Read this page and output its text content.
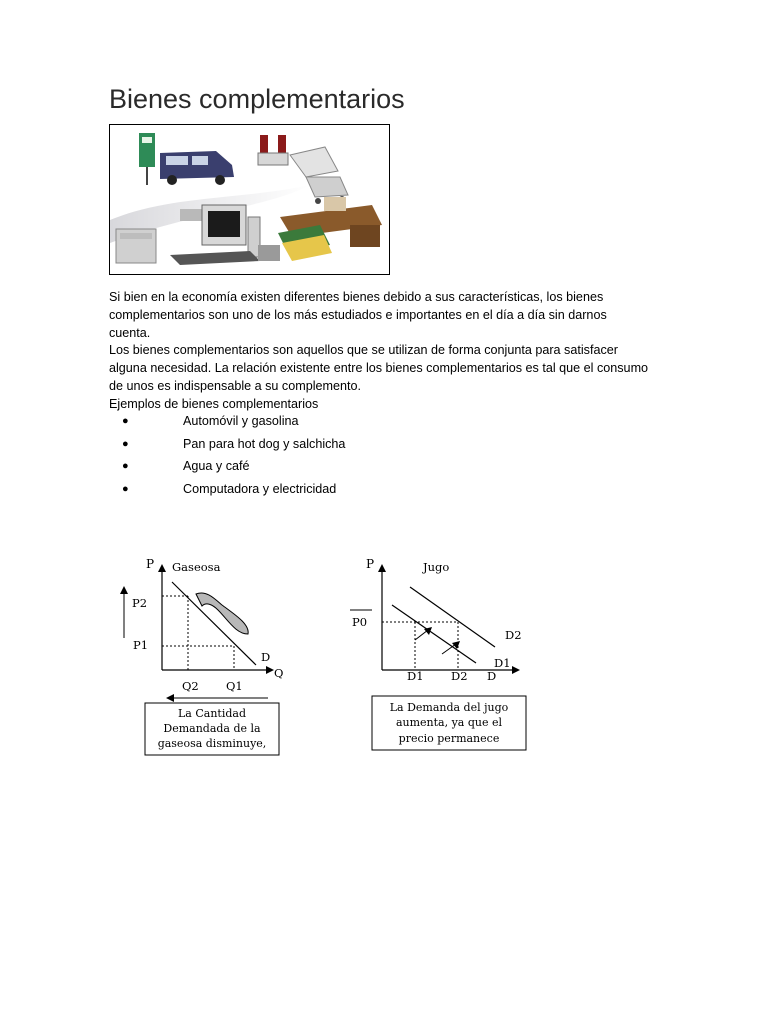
Bienes complementarios

Si bien en la economía existen diferentes bienes debido a sus características, los bienes complementarios son uno de los más estudiados e importantes en el día a día sin darnos cuenta.

Los bienes complementarios son aquellos que se utilizan de forma conjunta para satisfacer alguna necesidad. La relación existente entre los bienes complementarios es tal que el consumo de unos es indispensable a su complemento.

Ejemplos de bienes complementarios

●	Automóvil y gasolina
●	Pan para hot dog y salchicha
●	Agua y café
●	Computadora y electricidad
P Gaseosa
P2
P1
D
Q
Q2 Q1
La Cantidad
Demandada de la
gaseosa disminuye,
P	Jugo
P0
D2
D1
D1 D2 D
La Demanda del jugo
aumenta, ya que el
precio permanece
